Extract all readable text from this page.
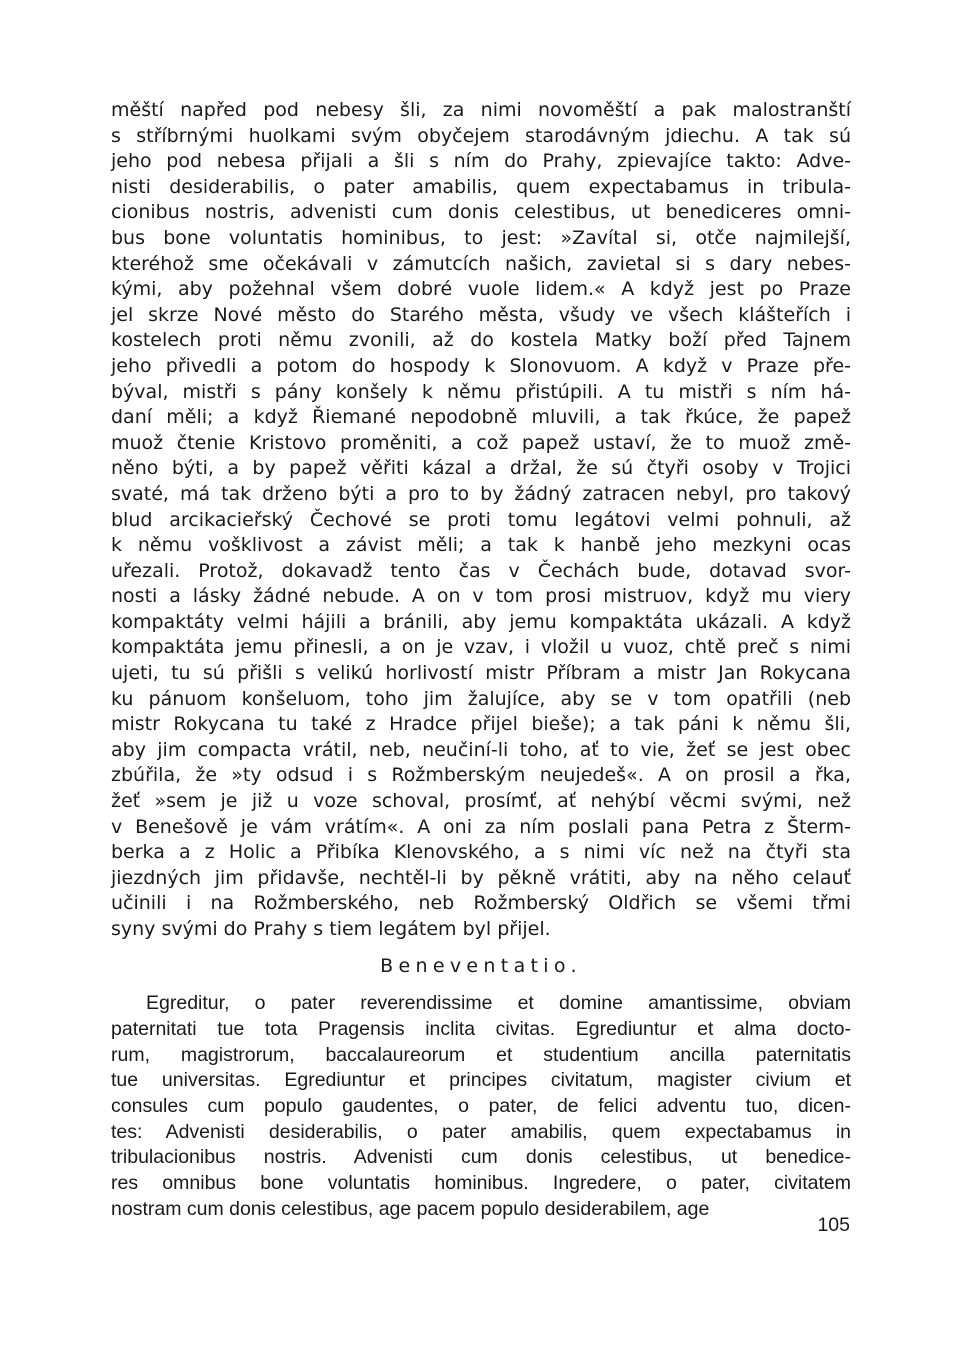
měští napřed pod nebesy šli, za nimi novoměští a pak malostranští
s stříbrnými huolkami svým obyčejem starodávným jdiechu. A tak sú
jeho pod nebesa přijali a šli s ním do Prahy, zpievajíce takto: Adve-
nisti desiderabilis, o pater amabilis, quem expectabamus in tribula-
cionibus nostris, advenisti cum donis celestibus, ut benediceres omni-
bus bone voluntatis hominibus, to jest: »Zavítal si, otče najmilejší,
kteréhož sme očekávali v zámutcích našich, zavietal si s dary nebes-
kými, aby požehnal všem dobré vuole lidem.« A když jest po Praze
jel skrze Nové město do Starého města, všudy ve všech klášteřích i
kostelech proti němu zvonili, až do kostela Matky boží před Tajnem
jeho přivedli a potom do hospody k Slonovuom. A když v Praze pře-
býval, mistři s pány konšely k němu přistúpili. A tu mistři s ním há-
daní měli; a když Řiemané nepodobně mluvili, a tak řkúce, že papež
muož čtenie Kristovo proměniti, a což papež ustaví, že to muož změ-
něno býti, a by papež věřiti kázal a držal, že sú čtyři osoby v Trojici
svaté, má tak drženo býti a pro to by žádný zatracen nebyl, pro takový
blud arcikacieřský Čechové se proti tomu legátovi velmi pohnuli, až
k němu vošklivost a závist měli; a tak k hanbě jeho mezkyni ocas
uřezali. Protož, dokavadž tento čas v Čechách bude, dotavad svor-
nosti a lásky žádné nebude. A on v tom prosi mistruov, když mu viery
kompaktáty velmi hájili a bránili, aby jemu kompaktáta ukázali. A když
kompaktáta jemu přinesli, a on je vzav, i vložil u vuoz, chtě preč s nimi
ujeti, tu sú přišli s velikú horlivostí mistr Příbram a mistr Jan Rokycana
ku pánuom konšeluom, toho jim žalujíce, aby se v tom opatřili (neb
mistr Rokycana tu také z Hradce přijel bieše); a tak páni k němu šli,
aby jim compacta vrátil, neb, neučiní-li toho, ať to vie, žeť se jest obec
zbúřila, že »ty odsud i s Rožmberským neujedeš«. A on prosil a řka,
žeť »sem je již u voze schoval, prosímť, ať nehýbí věcmi svými, než
v Benešově je vám vrátím«. A oni za ním poslali pana Petra z Šterm-
berka a z Holic a Přibíka Klenovského, a s nimi víc než na čtyři sta
jiezdných jim přidavše, nechtěl-li by pěkně vrátiti, aby na něho celauť
učinili i na Rožmberského, neb Rožmberský Oldřich se všemi třmi
syny svými do Prahy s tiem legátem byl přijel.
Beneventatio.
Egreditur, o pater reverendissime et domine amantissime, obviam
paternitati tue tota Pragensis inclita civitas. Egrediuntur et alma docto-
rum, magistrorum, baccalaureorum et studentium ancilla paternitatis
tue universitas. Egrediuntur et principes civitatum, magister civium et
consules cum populo gaudentes, o pater, de felici adventu tuo, dicen-
tes: Advenisti desiderabilis, o pater amabilis, quem expectabamus in
tribulacionibus nostris. Advenisti cum donis celestibus, ut benedice-
res omnibus bone voluntatis hominibus. Ingredere, o pater, civitatem
nostram cum donis celestibus, age pacem populo desiderabilem, age
105
